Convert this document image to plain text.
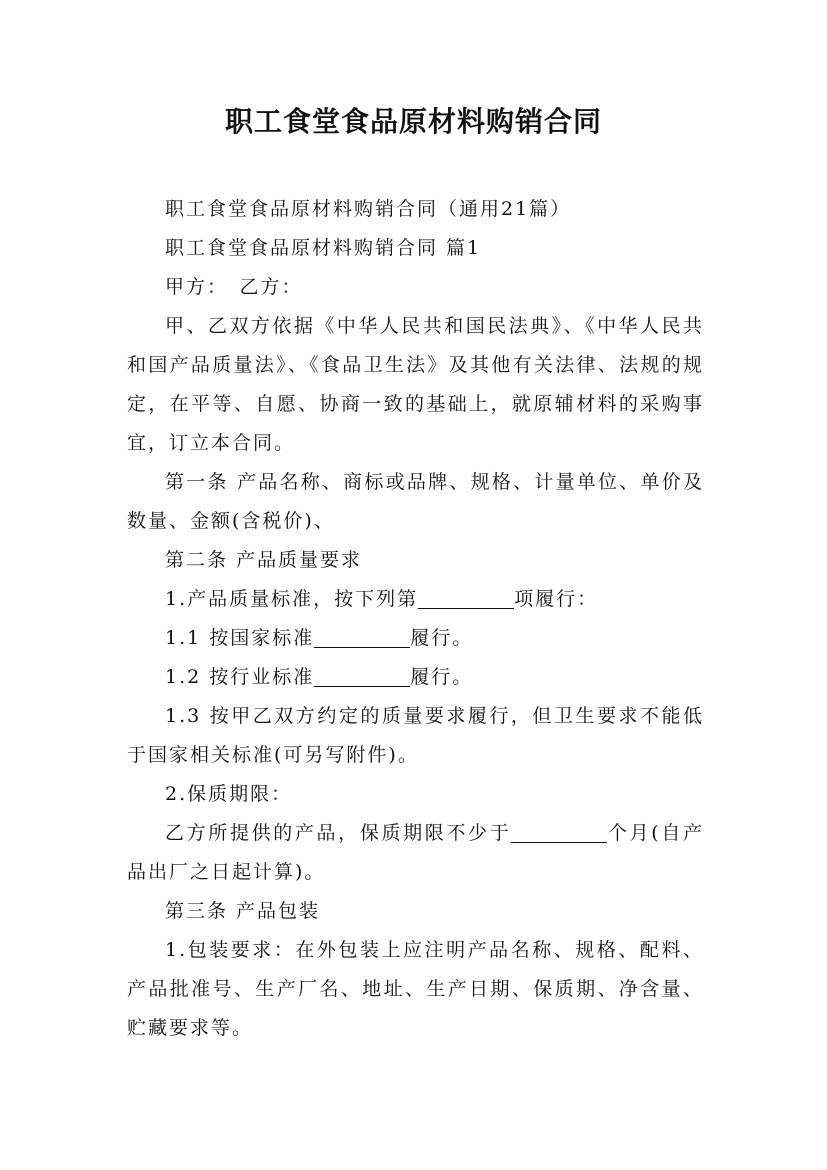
职工食堂食品原材料购销合同

职工食堂食品原材料购销合同（通用21篇）

职工食堂食品原材料购销合同 篇1

甲方：　乙方：

甲、乙双方依据《中华人民共和国民法典》、《中华人民共和国产品质量法》、《食品卫生法》及其他有关法律、法规的规定，在平等、自愿、协商一致的基础上，就原辅材料的采购事宜，订立本合同。

第一条 产品名称、商标或品牌、规格、计量单位、单价及数量、金额(含税价)、

第二条 产品质量要求

1.产品质量标准，按下列第	项履行：

1.1 按国家标准	履行。

1.2 按行业标准	履行。

1.3 按甲乙双方约定的质量要求履行，但卫生要求不能低于国家相关标准(可另写附件)。

2.保质期限：

乙方所提供的产品，保质期限不少于	个月(自产品出厂之日起计算)。

第三条 产品包装

1.包装要求：在外包装上应注明产品名称、规格、配料、产品批准号、生产厂名、地址、生产日期、保质期、净含量、贮藏要求等。
